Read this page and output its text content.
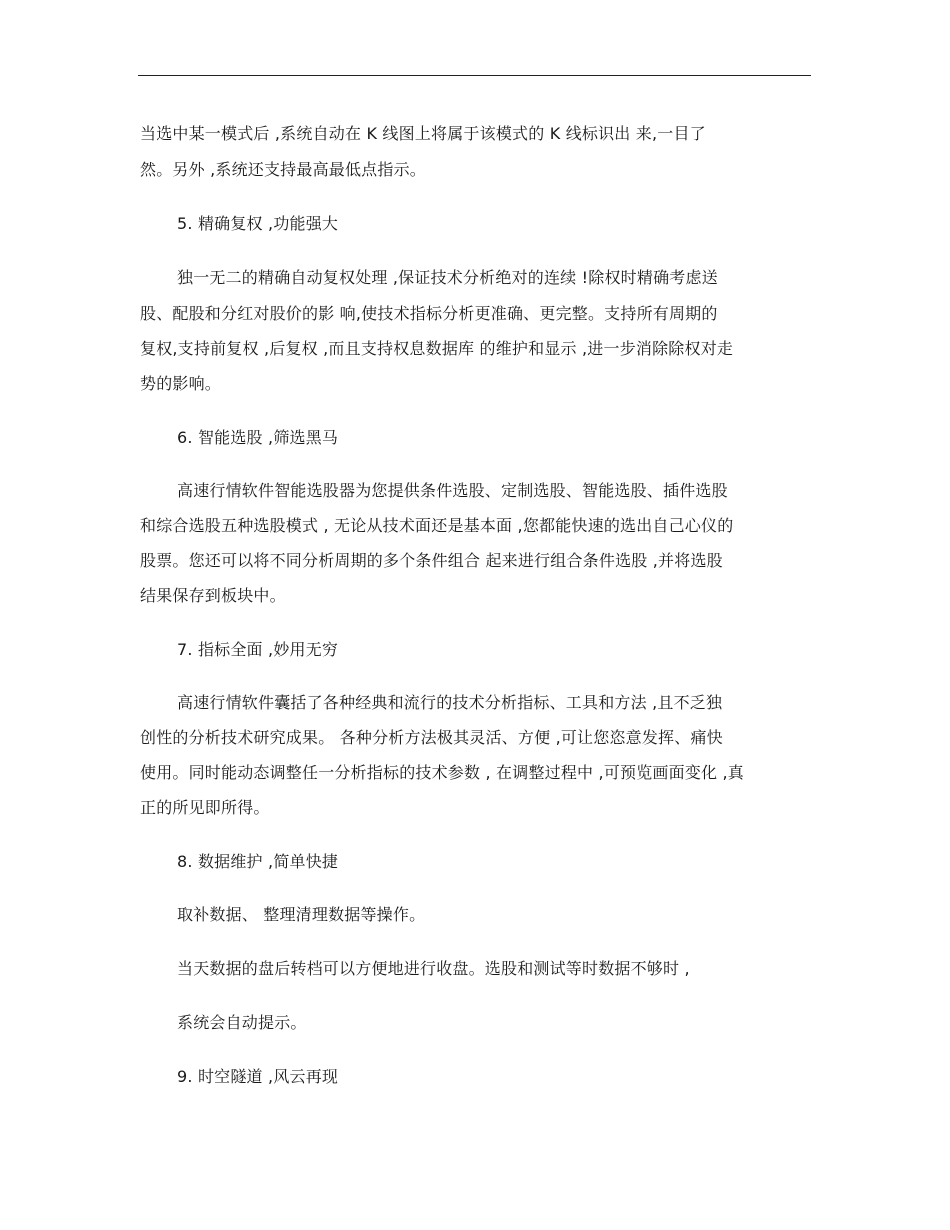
当选中某一模式后 ,系统自动在 K 线图上将属于该模式的 K 线标识出 来,一目了
然。另外 ,系统还支持最高最低点指示。
5. 精确复权 ,功能强大
独一无二的精确自动复权处理 ,保证技术分析绝对的连续 !除权时精确考虑送
股、配股和分红对股价的影 响,使技术指标分析更准确、更完整。支持所有周期的
复权,支持前复权 ,后复权 ,而且支持权息数据库 的维护和显示 ,进一步消除除权对走
势的影响。
6. 智能选股 ,筛选黑马
高速行情软件智能选股器为您提供条件选股、定制选股、智能选股、插件选股
和综合选股五种选股模式 , 无论从技术面还是基本面 ,您都能快速的选出自己心仪的
股票。您还可以将不同分析周期的多个条件组合 起来进行组合条件选股 ,并将选股
结果保存到板块中。
7. 指标全面 ,妙用无穷
高速行情软件囊括了各种经典和流行的技术分析指标、工具和方法 ,且不乏独
创性的分析技术研究成果。 各种分析方法极其灵活、方便 ,可让您恣意发挥、痛快
使用。同时能动态调整任一分析指标的技术参数 , 在调整过程中 ,可预览画面变化 ,真
正的所见即所得。
8. 数据维护 ,简单快捷
取补数据、 整理清理数据等操作。
当天数据的盘后转档可以方便地进行收盘。选股和测试等时数据不够时 ,
系统会自动提示。
9. 时空隧道 ,风云再现
